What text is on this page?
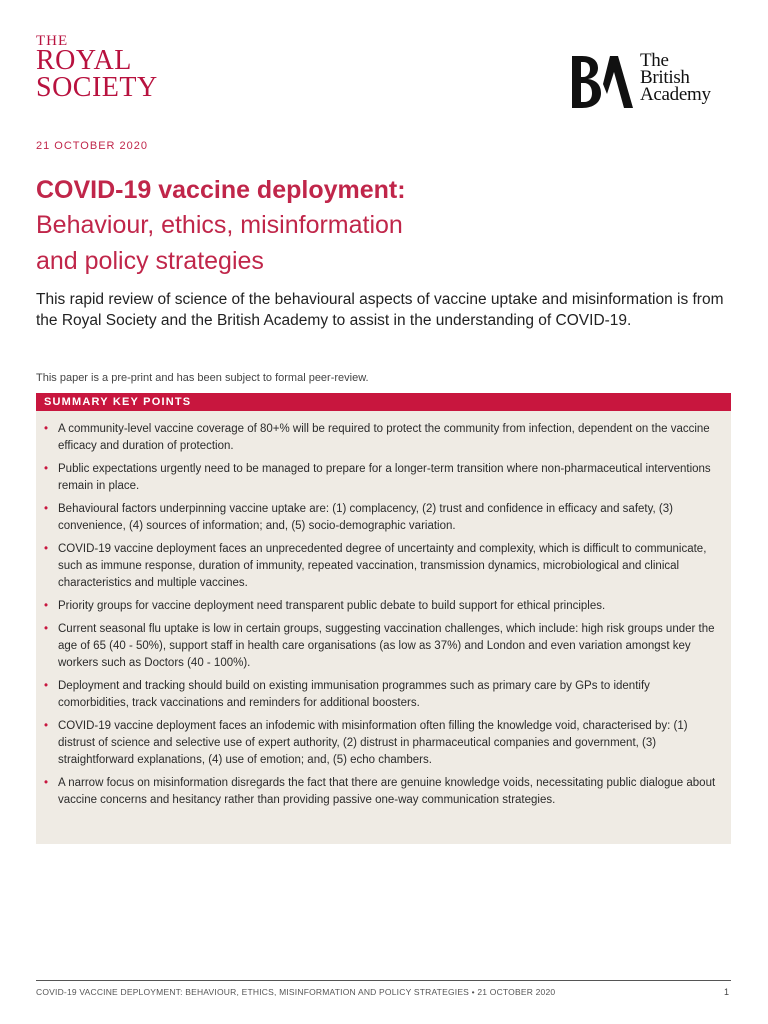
THE
ROYAL
SOCIETY
The
British
Academy
21 OCTOBER 2020
COVID-19 vaccine deployment:
Behaviour, ethics, misinformation
and policy strategies
This rapid review of science of the behavioural aspects of vaccine uptake and misinformation is from the Royal Society and the British Academy to assist in the understanding of COVID-19.
This paper is a pre-print and has been subject to formal peer-review.
SUMMARY KEY POINTS
• A community-level vaccine coverage of 80+% will be required to protect the community from infection, dependent on the vaccine efficacy and duration of protection.
• Public expectations urgently need to be managed to prepare for a longer-term transition where non-pharmaceutical interventions remain in place.
• Behavioural factors underpinning vaccine uptake are: (1) complacency, (2) trust and confidence in efficacy and safety, (3) convenience, (4) sources of information; and, (5) socio-demographic variation.
• COVID-19 vaccine deployment faces an unprecedented degree of uncertainty and complexity, which is difficult to communicate, such as immune response, duration of immunity, repeated vaccination, transmission dynamics, microbiological and clinical characteristics and multiple vaccines.
• Priority groups for vaccine deployment need transparent public debate to build support for ethical principles.
• Current seasonal flu uptake is low in certain groups, suggesting vaccination challenges, which include: high risk groups under the age of 65 (40 - 50%), support staff in health care organisations (as low as 37%) and London and even variation amongst key workers such as Doctors (40 - 100%).
• Deployment and tracking should build on existing immunisation programmes such as primary care by GPs to identify comorbidities, track vaccinations and reminders for additional boosters.
• COVID-19 vaccine deployment faces an infodemic with misinformation often filling the knowledge void, characterised by: (1) distrust of science and selective use of expert authority, (2) distrust in pharmaceutical companies and government, (3) straightforward explanations, (4) use of emotion; and, (5) echo chambers.
• A narrow focus on misinformation disregards the fact that there are genuine knowledge voids, necessitating public dialogue about vaccine concerns and hesitancy rather than providing passive one-way communication strategies.
COVID-19 VACCINE DEPLOYMENT: BEHAVIOUR, ETHICS, MISINFORMATION AND POLICY STRATEGIES • 21 OCTOBER 2020	1
